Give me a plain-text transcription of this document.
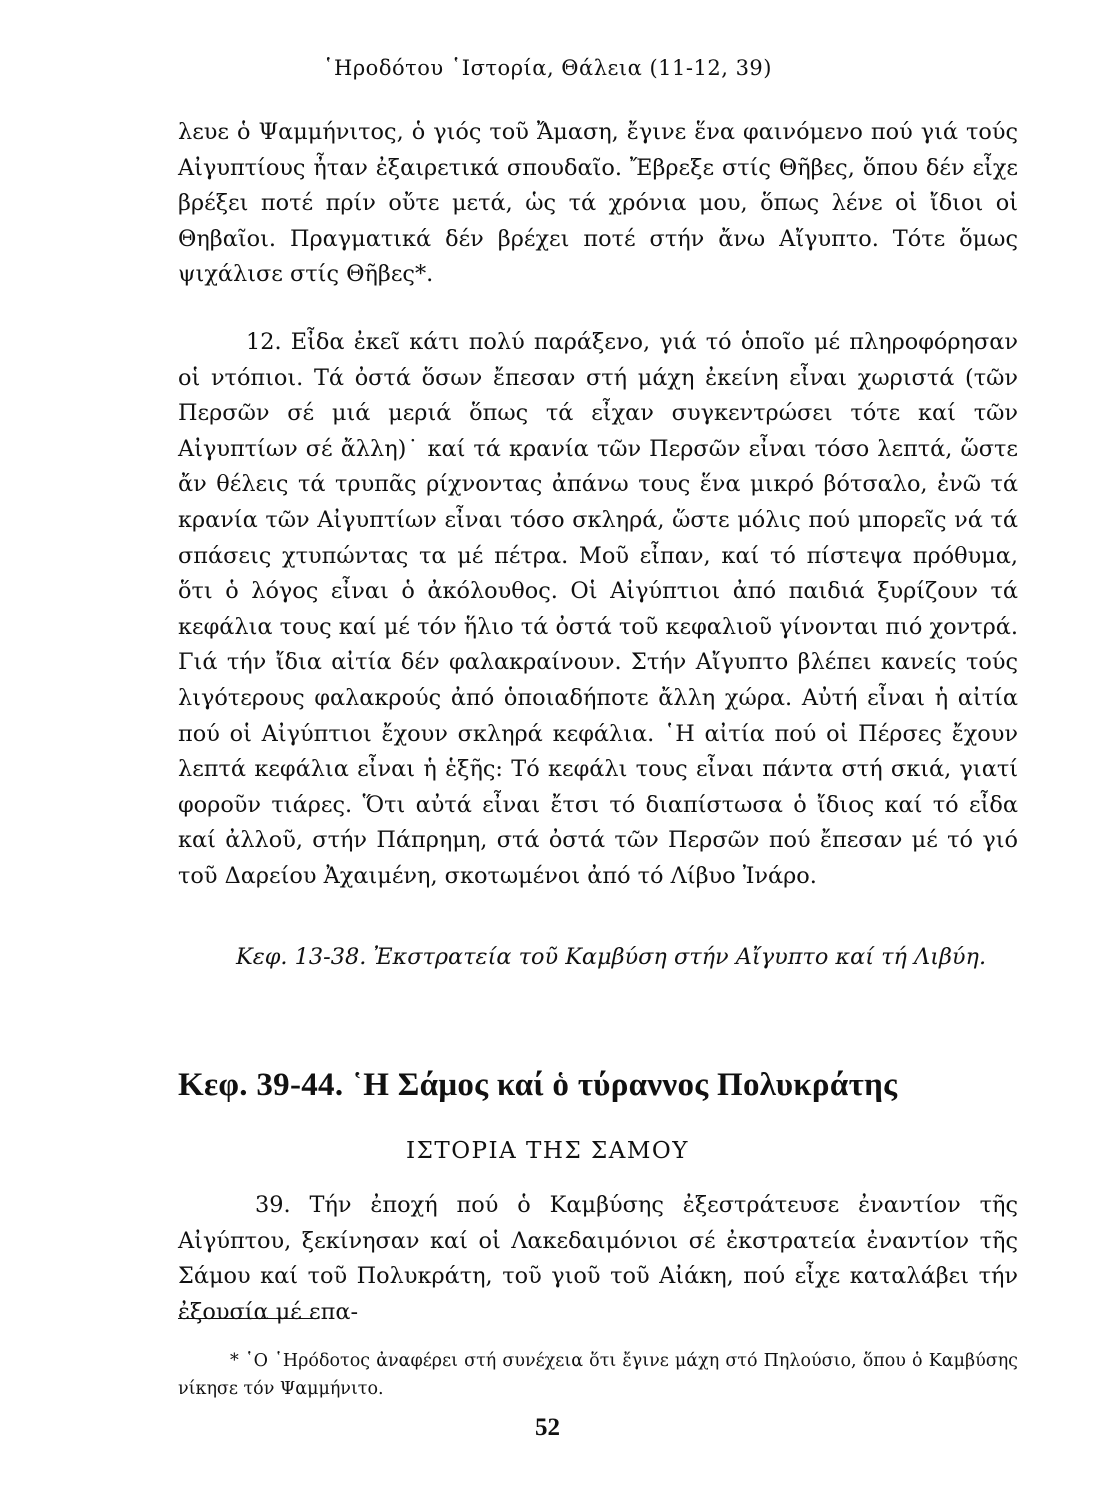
῾Ηροδότου ῾Ιστορία, Θάλεια (11-12, 39)

λευε ὁ Ψαμμήνιτος, ὁ γιός τοῦ Ἄμαση, ἔγινε ἕνα φαινόμενο πού γιά τούς Αἰγυπτίους ἦταν ἐξαιρετικά σπουδαῖο. Ἔβρεξε στίς Θῆβες, ὅπου δέν εἶχε βρέξει ποτέ πρίν οὔτε μετά, ὡς τά χρόνια μου, ὅπως λένε οἱ ἴδιοι οἱ Θηβαῖοι. Πραγματικά δέν βρέχει ποτέ στήν ἄνω Αἴγυπτο. Τότε ὅμως ψιχάλισε στίς Θῆβες*.

12. Εἶδα ἐκεῖ κάτι πολύ παράξενο, γιά τό ὁποῖο μέ πληροφόρησαν οἱ ντόπιοι. Τά ὀστά ὅσων ἔπεσαν στή μάχη ἐκείνη εἶναι χωριστά (τῶν Περσῶν σέ μιά μεριά ὅπως τά εἶχαν συγκεντρώσει τότε καί τῶν Αἰγυπτίων σέ ἄλλη)˙ καί τά κρανία τῶν Περσῶν εἶναι τόσο λεπτά, ὥστε ἄν θέλεις τά τρυπᾶς ρίχνοντας ἀπάνω τους ἕνα μικρό βότσαλο, ἐνῶ τά κρανία τῶν Αἰγυπτίων εἶναι τόσο σκληρά, ὥστε μόλις πού μπορεῖς νά τά σπάσεις χτυπώντας τα μέ πέτρα. Μοῦ εἶπαν, καί τό πίστεψα πρόθυμα, ὅτι ὁ λόγος εἶναι ὁ ἀκόλουθος. Οἱ Αἰγύπτιοι ἀπό παιδιά ξυρίζουν τά κεφάλια τους καί μέ τόν ἥλιο τά ὀστά τοῦ κεφαλιοῦ γίνονται πιό χοντρά. Γιά τήν ἴδια αἰτία δέν φαλακραίνουν. Στήν Αἴγυπτο βλέπει κανείς τούς λιγότερους φαλακρούς ἀπό ὁποιαδήποτε ἄλλη χώρα. Αὐτή εἶναι ἡ αἰτία πού οἱ Αἰγύπτιοι ἔχουν σκληρά κεφάλια. ῾Η αἰτία πού οἱ Πέρσες ἔχουν λεπτά κεφάλια εἶναι ἡ ἑξῆς: Τό κεφάλι τους εἶναι πάντα στή σκιά, γιατί φοροῦν τιάρες. Ὅτι αὐτά εἶναι ἔτσι τό διαπίστωσα ὁ ἴδιος καί τό εἶδα καί ἀλλοῦ, στήν Πάπρημη, στά ὀστά τῶν Περσῶν πού ἔπεσαν μέ τό γιό τοῦ Δαρείου Ἀχαιμένη, σκοτωμένοι ἀπό τό Λίβυο Ἰνάρο.

Κεφ. 13-38. Ἐκστρατεία τοῦ Καμβύση στήν Αἴγυπτο καί τή Λιβύη.

Κεφ. 39-44. ῾Η Σάμος καί ὁ τύραννος Πολυκράτης
ΙΣΤΟΡΙΑ ΤΗΣ ΣΑΜΟΥ

39. Τήν ἐποχή πού ὁ Καμβύσης ἐξεστράτευσε ἐναντίον τῆς Αἰγύπτου, ξεκίνησαν καί οἱ Λακεδαιμόνιοι σέ ἐκστρατεία ἐναντίον τῆς Σάμου καί τοῦ Πολυκράτη, τοῦ γιοῦ τοῦ Αἰάκη, πού εἶχε καταλάβει τήν ἐξουσία μέ επα-

* ῾Ο ῾Ηρόδοτος ἀναφέρει στή συνέχεια ὅτι ἔγινε μάχη στό Πηλούσιο, ὅπου ὁ Καμβύσης νίκησε τόν Ψαμμήνιτο.

52
